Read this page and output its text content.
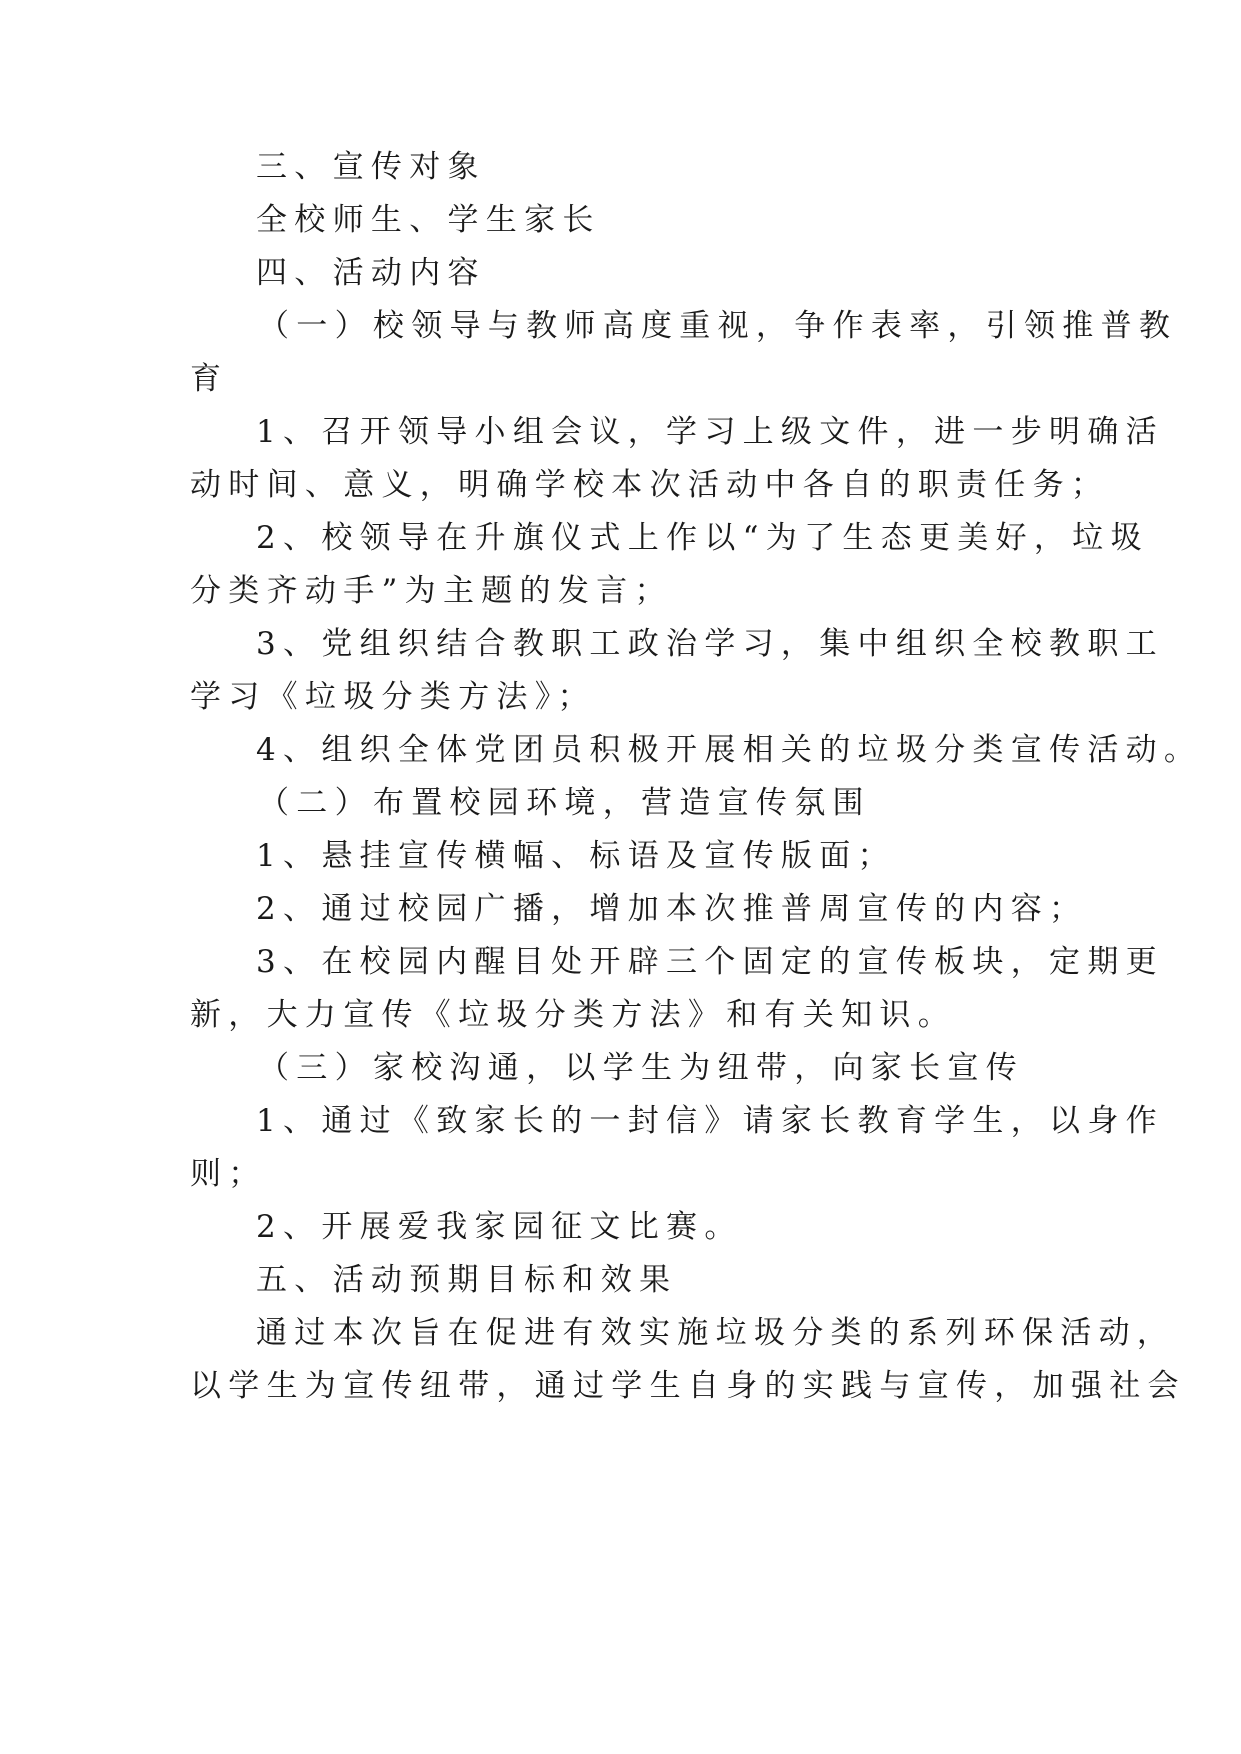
三、宣传对象
全校师生、学生家长
四、活动内容
（一）校领导与教师高度重视，争作表率，引领推普教
育
1、召开领导小组会议，学习上级文件，进一步明确活
动时间、意义，明确学校本次活动中各自的职责任务；
2、校领导在升旗仪式上作以“为了生态更美好，垃圾
分类齐动手”为主题的发言；
3、党组织结合教职工政治学习，集中组织全校教职工
学习《垃圾分类方法》；
4、组织全体党团员积极开展相关的垃圾分类宣传活动。
（二）布置校园环境，营造宣传氛围
1、悬挂宣传横幅、标语及宣传版面；
2、通过校园广播，增加本次推普周宣传的内容；
3、在校园内醒目处开辟三个固定的宣传板块，定期更
新，大力宣传《垃圾分类方法》和有关知识。
（三）家校沟通，以学生为纽带，向家长宣传
1、通过《致家长的一封信》请家长教育学生，以身作
则；
2、开展爱我家园征文比赛。
五、活动预期目标和效果
通过本次旨在促进有效实施垃圾分类的系列环保活动，
以学生为宣传纽带，通过学生自身的实践与宣传，加强社会
